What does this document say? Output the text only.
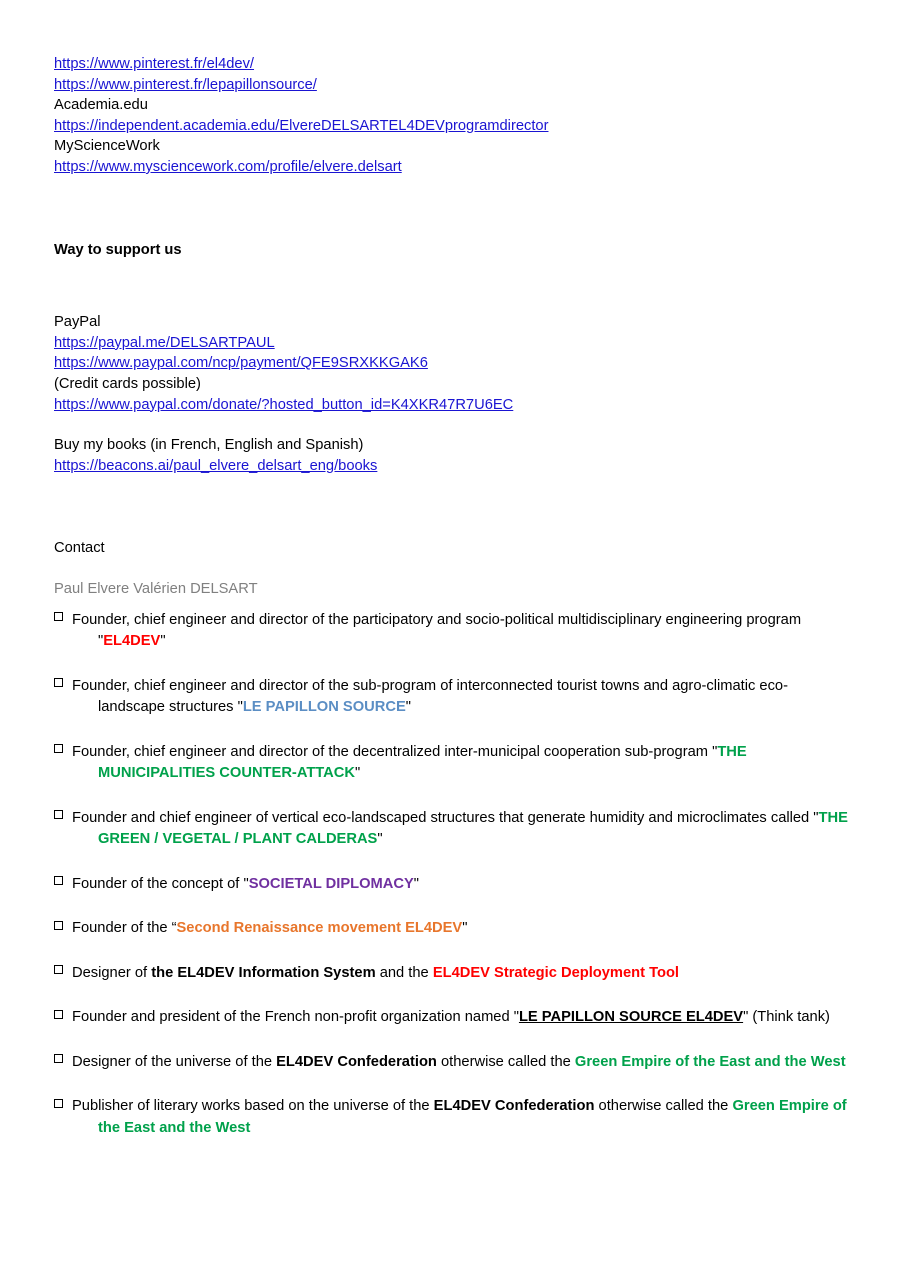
https://www.pinterest.fr/el4dev/
https://www.pinterest.fr/lepapillonsource/
Academia.edu
https://independent.academia.edu/ElvereDELSARTEL4DEVprogramdirector
MyScienceWork
https://www.mysciencework.com/profile/elvere.delsart
Way to support us
PayPal
https://paypal.me/DELSARTPAUL
https://www.paypal.com/ncp/payment/QFE9SRXKKGAK6
(Credit cards possible)
https://www.paypal.com/donate/?hosted_button_id=K4XKR47R7U6EC
Buy my books (in French, English and Spanish)
https://beacons.ai/paul_elvere_delsart_eng/books
Contact
Paul Elvere Valérien DELSART
Founder, chief engineer and director of the participatory and socio-political multidisciplinary engineering program "EL4DEV"
Founder, chief engineer and director of the sub-program of interconnected tourist towns and agro-climatic eco-landscape structures "LE PAPILLON SOURCE"
Founder, chief engineer and director of the decentralized inter-municipal cooperation sub-program "THE MUNICIPALITIES COUNTER-ATTACK"
Founder and chief engineer of vertical eco-landscaped structures that generate humidity and microclimates called "THE GREEN / VEGETAL / PLANT CALDERAS"
Founder of the concept of "SOCIETAL DIPLOMACY"
Founder of the “Second Renaissance movement EL4DEV"
Designer of the EL4DEV Information System and the EL4DEV Strategic Deployment Tool
Founder and president of the French non-profit organization named "LE PAPILLON SOURCE EL4DEV" (Think tank)
Designer of the universe of the EL4DEV Confederation otherwise called the Green Empire of the East and the West
Publisher of literary works based on the universe of the EL4DEV Confederation otherwise called the Green Empire of the East and the West
